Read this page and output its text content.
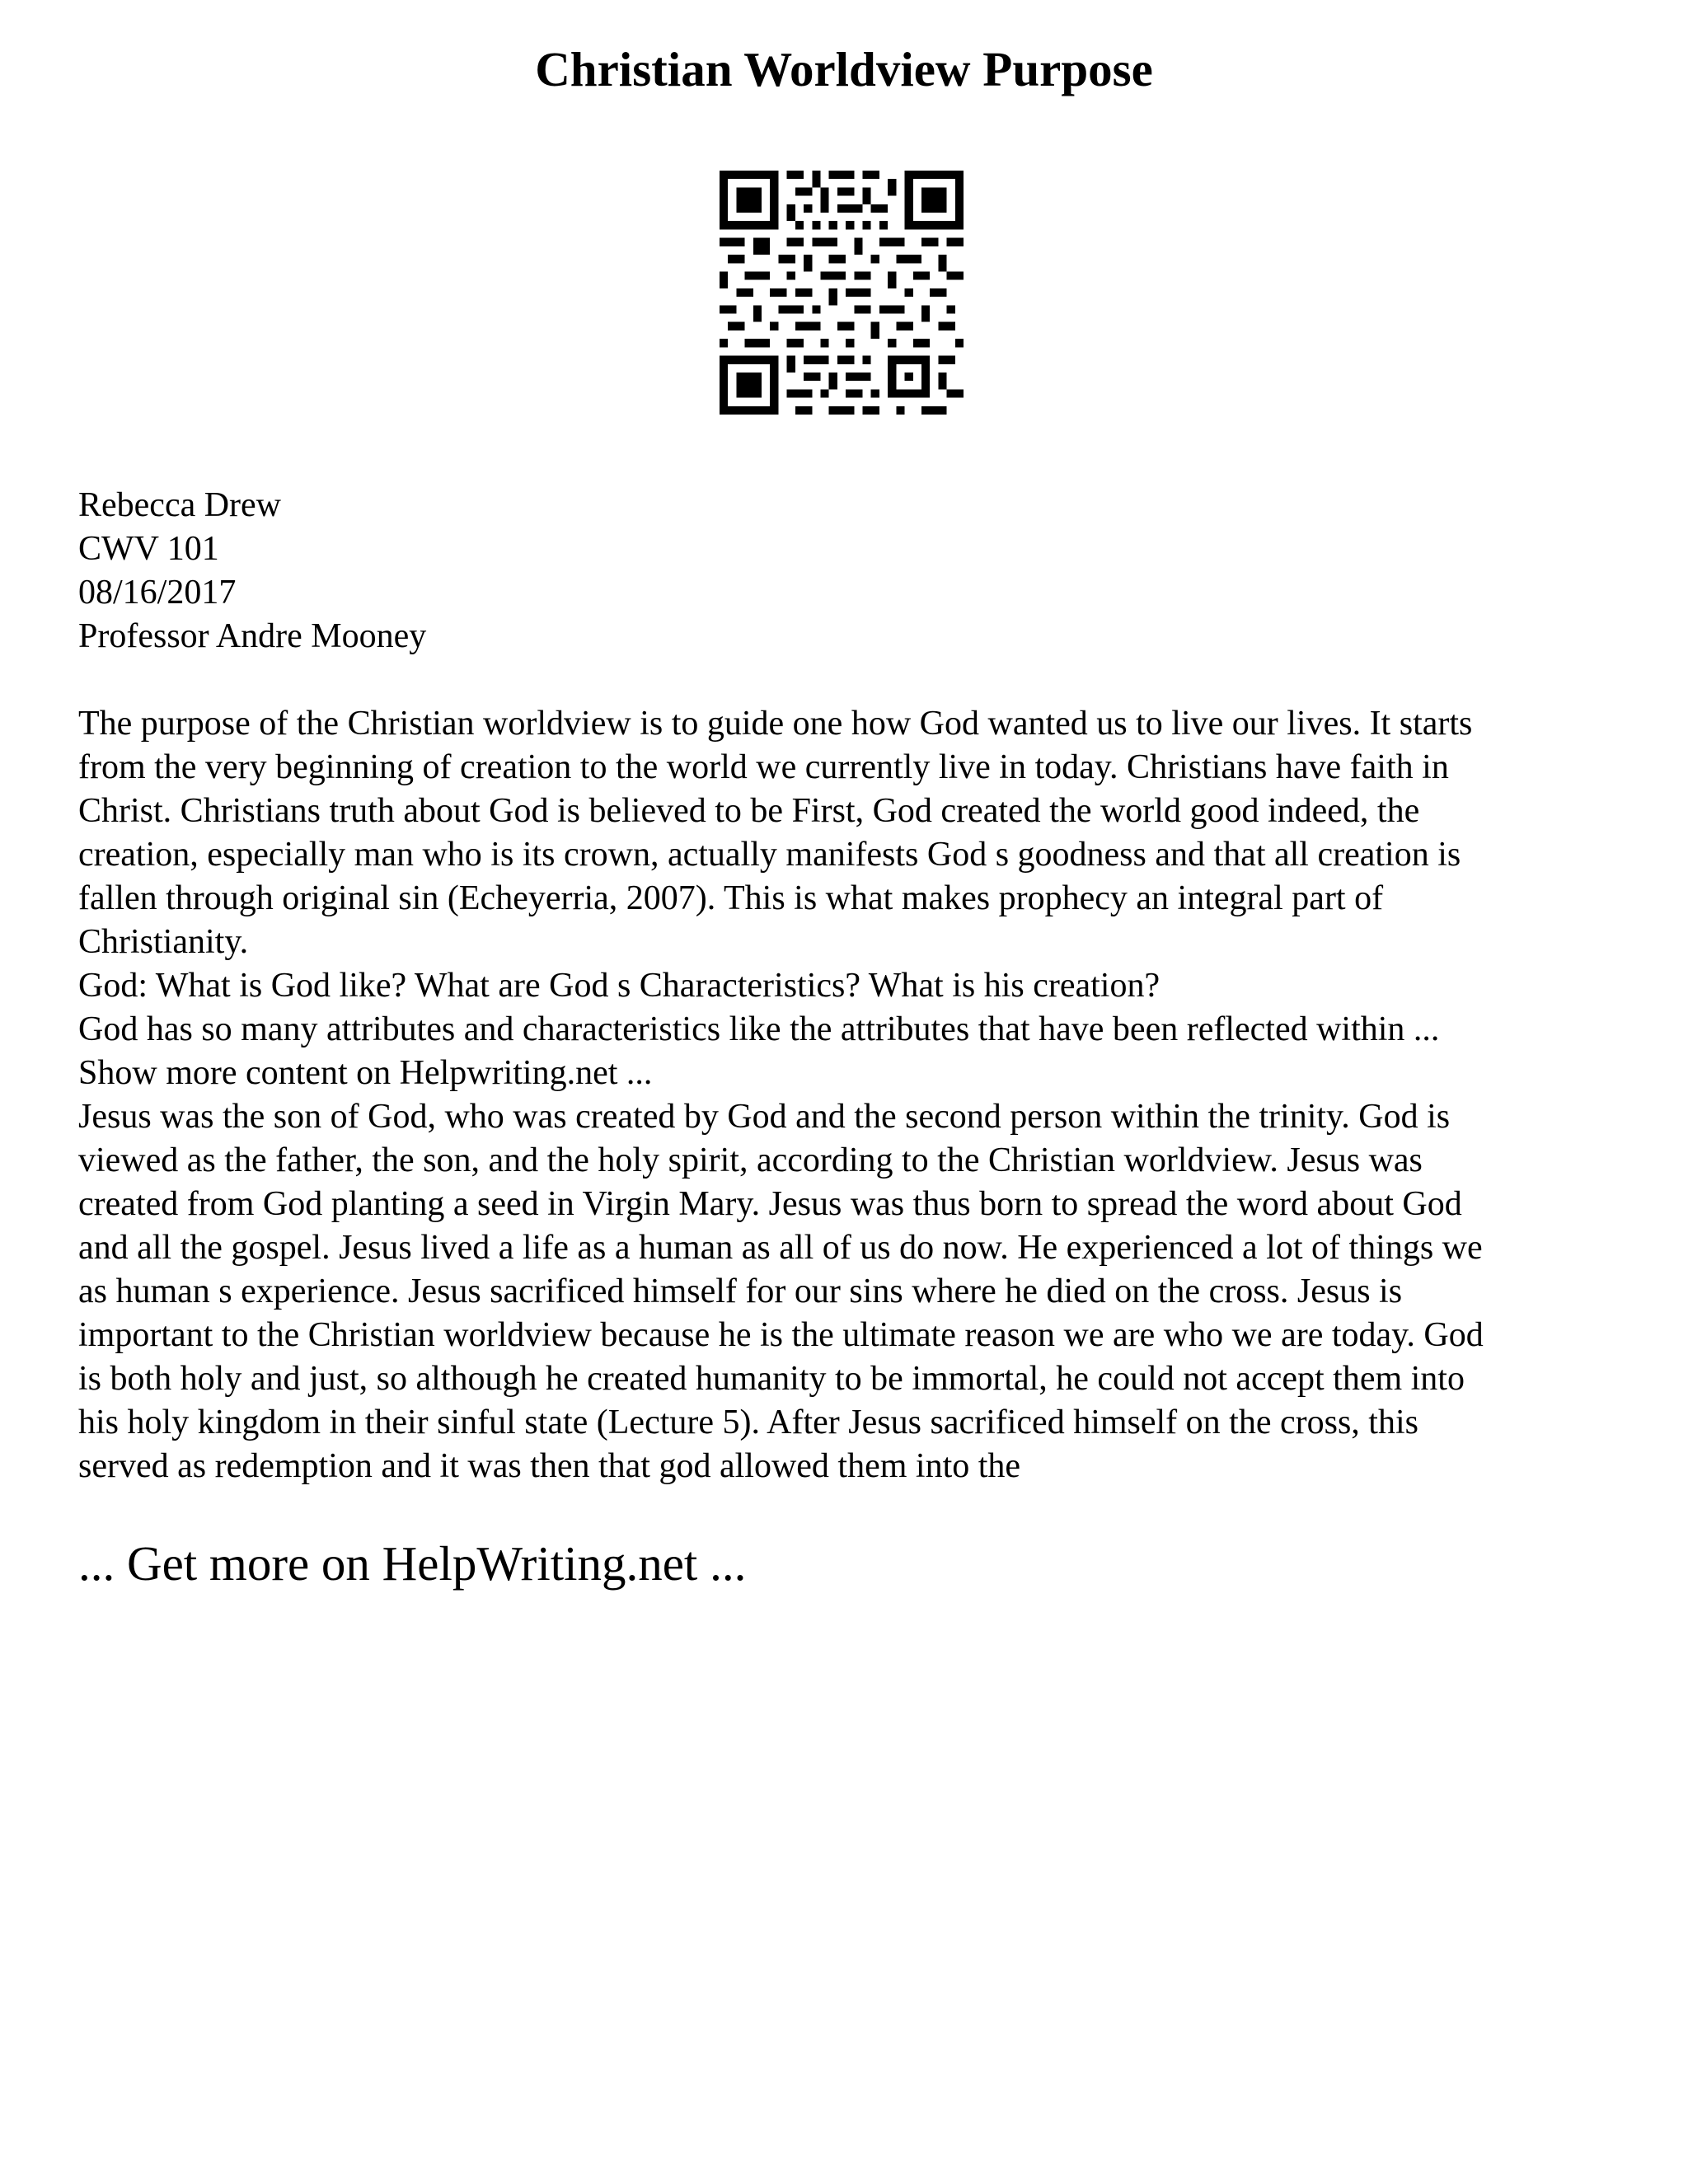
Christian Worldview Purpose
Rebecca Drew
CWV 101
08/16/2017
Professor Andre Mooney
The purpose of the Christian worldview is to guide one how God wanted us to live our lives. It starts
from the very beginning of creation to the world we currently live in today. Christians have faith in
Christ. Christians truth about God is believed to be First, God created the world good indeed, the
creation, especially man who is its crown, actually manifests God s goodness and that all creation is
fallen through original sin (Echeyerria, 2007). This is what makes prophecy an integral part of
Christianity.
God: What is God like? What are God s Characteristics? What is his creation?
God has so many attributes and characteristics like the attributes that have been reflected within ...
Show more content on Helpwriting.net ...
Jesus was the son of God, who was created by God and the second person within the trinity. God is
viewed as the father, the son, and the holy spirit, according to the Christian worldview. Jesus was
created from God planting a seed in Virgin Mary. Jesus was thus born to spread the word about God
and all the gospel. Jesus lived a life as a human as all of us do now. He experienced a lot of things we
as human s experience. Jesus sacrificed himself for our sins where he died on the cross. Jesus is
important to the Christian worldview because he is the ultimate reason we are who we are today. God
is both holy and just, so although he created humanity to be immortal, he could not accept them into
his holy kingdom in their sinful state (Lecture 5). After Jesus sacrificed himself on the cross, this
served as redemption and it was then that god allowed them into the
... Get more on HelpWriting.net ...
